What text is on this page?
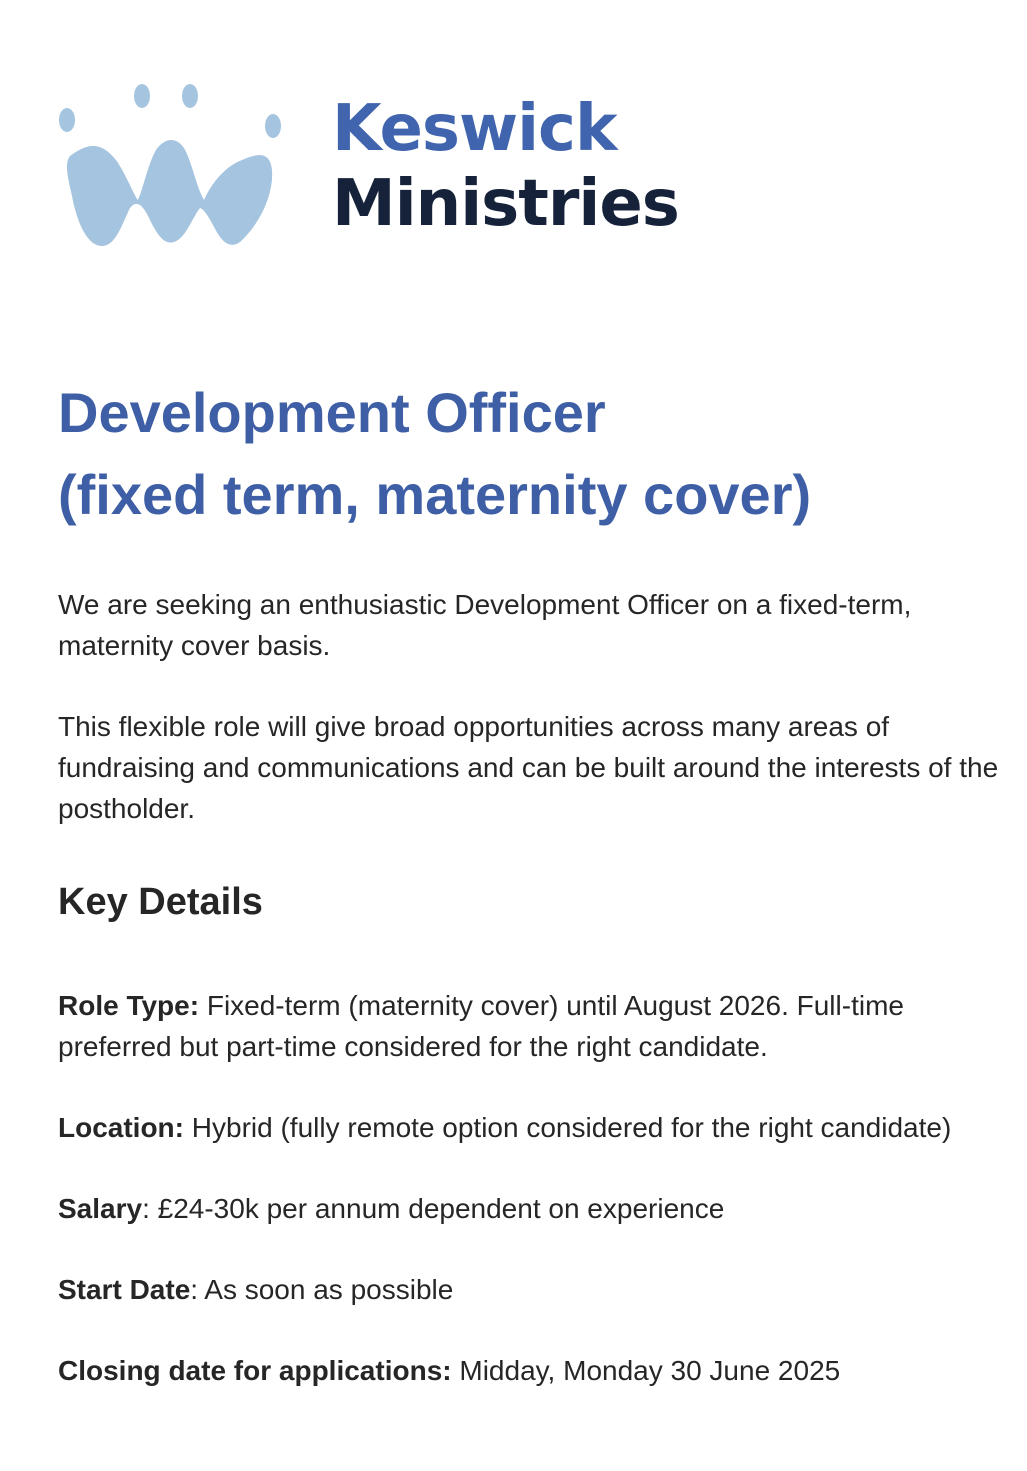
Keswick
Ministries
Development Officer
(fixed term, maternity cover)

We are seeking an enthusiastic Development Officer on a fixed-term, maternity cover basis.

This flexible role will give broad opportunities across many areas of fundraising and communications and can be built around the interests of the postholder.

Key Details

Role Type: Fixed-term (maternity cover) until August 2026. Full-time preferred but part-time considered for the right candidate.

Location: Hybrid (fully remote option considered for the right candidate)

Salary: £24-30k per annum dependent on experience

Start Date: As soon as possible

Closing date for applications: Midday, Monday 30 June 2025
